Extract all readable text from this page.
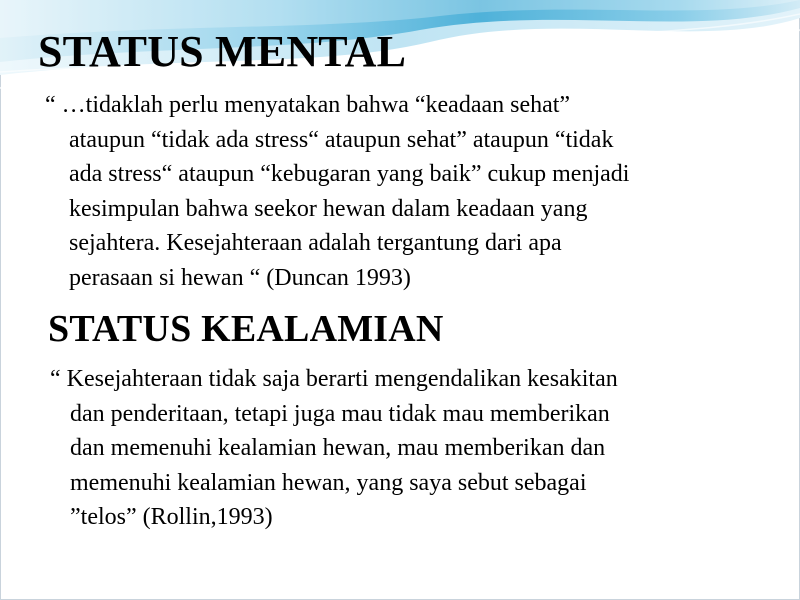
STATUS MENTAL

“ …tidaklah perlu menyatakan bahwa “keadaan sehat”
ataupun “tidak ada stress“ ataupun sehat” ataupun “tidak
ada stress“ ataupun “kebugaran yang baik” cukup menjadi
kesimpulan bahwa seekor hewan dalam keadaan yang
sejahtera. Kesejahteraan adalah tergantung dari apa
perasaan si hewan “ (Duncan 1993)

STATUS KEALAMIAN

“ Kesejahteraan tidak saja berarti mengendalikan kesakitan
dan penderitaan, tetapi juga mau tidak mau memberikan
dan memenuhi kealamian hewan, mau memberikan dan
memenuhi kealamian hewan, yang saya sebut sebagai
”telos” (Rollin,1993)
